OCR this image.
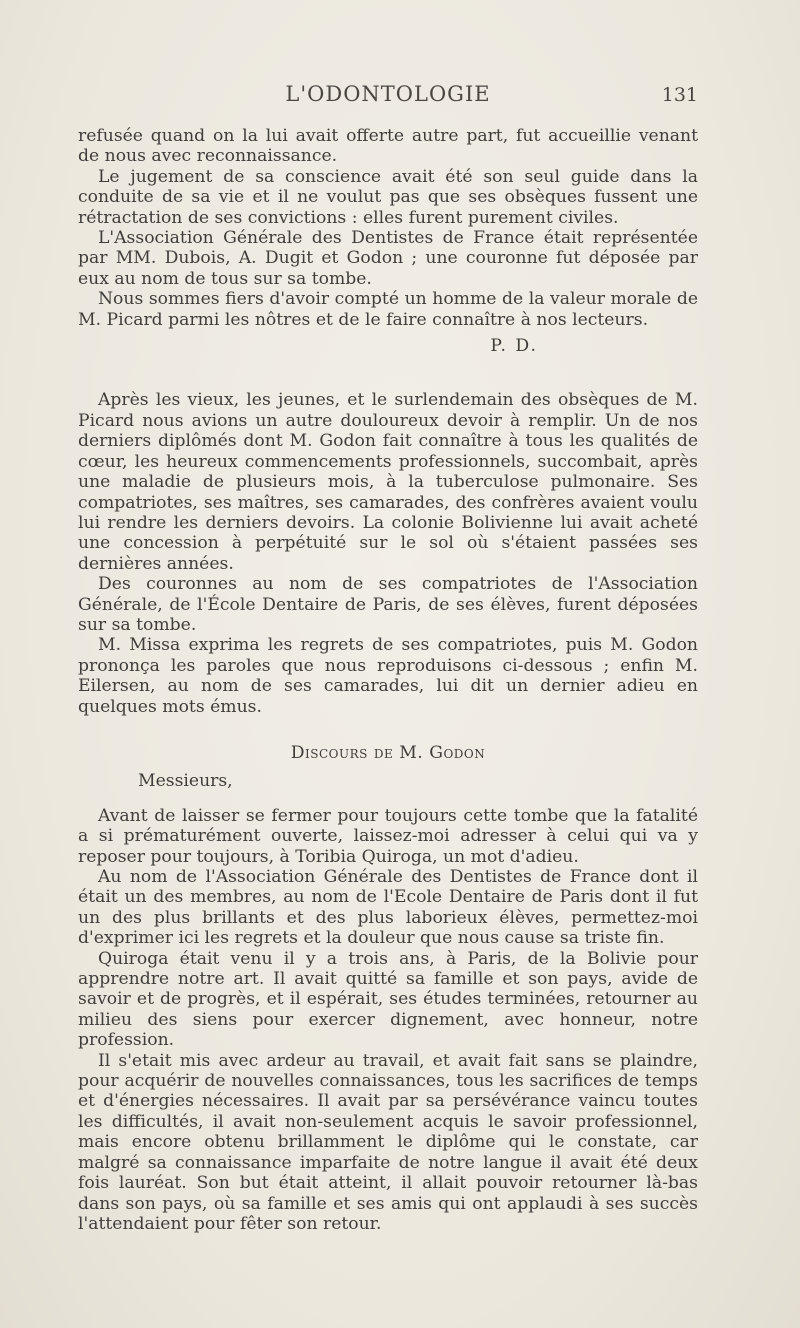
L'ODONTOLOGIE	131

refusée quand on la lui avait offerte autre part, fut accueillie venant de nous avec reconnaissance.

Le jugement de sa conscience avait été son seul guide dans la conduite de sa vie et il ne voulut pas que ses obsèques fussent une rétractation de ses convictions : elles furent purement civiles.

L'Association Générale des Dentistes de France était représentée par MM. Dubois, A. Dugit et Godon ; une couronne fut déposée par eux au nom de tous sur sa tombe.

Nous sommes fiers d'avoir compté un homme de la valeur morale de M. Picard parmi les nôtres et de le faire connaître à nos lecteurs.

P. D.

Après les vieux, les jeunes, et le surlendemain des obsèques de M. Picard nous avions un autre douloureux devoir à remplir. Un de nos derniers diplômés dont M. Godon fait connaître à tous les qualités de cœur, les heureux commencements professionnels, succombait, après une maladie de plusieurs mois, à la tuberculose pulmonaire. Ses compatriotes, ses maîtres, ses camarades, des confrères avaient voulu lui rendre les derniers devoirs. La colonie Bolivienne lui avait acheté une concession à perpétuité sur le sol où s'étaient passées ses dernières années.

Des couronnes au nom de ses compatriotes de l'Association Générale, de l'École Dentaire de Paris, de ses élèves, furent déposées sur sa tombe.

M. Missa exprima les regrets de ses compatriotes, puis M. Godon prononça les paroles que nous reproduisons ci-dessous ; enfin M. Eilersen, au nom de ses camarades, lui dit un dernier adieu en quelques mots émus.

Discours de M. Godon

Messieurs,

Avant de laisser se fermer pour toujours cette tombe que la fatalité a si prématurément ouverte, laissez-moi adresser à celui qui va y reposer pour toujours, à Toribia Quiroga, un mot d'adieu.

Au nom de l'Association Générale des Dentistes de France dont il était un des membres, au nom de l'Ecole Dentaire de Paris dont il fut un des plus brillants et des plus laborieux élèves, permettez-moi d'exprimer ici les regrets et la douleur que nous cause sa triste fin.

Quiroga était venu il y a trois ans, à Paris, de la Bolivie pour apprendre notre art. Il avait quitté sa famille et son pays, avide de savoir et de progrès, et il espérait, ses études terminées, retourner au milieu des siens pour exercer dignement, avec honneur, notre profession.

Il s'etait mis avec ardeur au travail, et avait fait sans se plaindre, pour acquérir de nouvelles connaissances, tous les sacrifices de temps et d'énergies nécessaires. Il avait par sa persévérance vaincu toutes les difficultés, il avait non-seulement acquis le savoir professionnel, mais encore obtenu brillamment le diplôme qui le constate, car malgré sa connaissance imparfaite de notre langue il avait été deux fois lauréat. Son but était atteint, il allait pouvoir retourner là-bas dans son pays, où sa famille et ses amis qui ont applaudi à ses succès l'attendaient pour fêter son retour.
